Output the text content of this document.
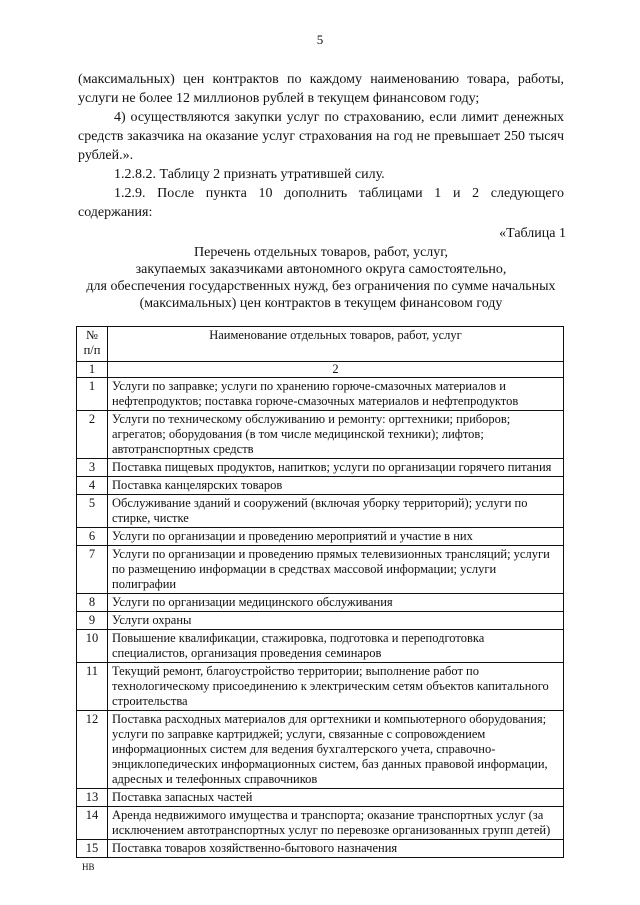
5

(максимальных) цен контрактов по каждому наименованию товара, работы, услуги не более 12 миллионов рублей в текущем финансовом году;

4) осуществляются закупки услуг по страхованию, если лимит денежных средств заказчика на оказание услуг страхования на год не превышает 250 тысяч рублей.».

1.2.8.2. Таблицу 2 признать утратившей силу.

1.2.9. После пункта 10 дополнить таблицами 1 и 2 следующего содержания:

«Таблица 1
Перечень отдельных товаров, работ, услуг,
закупаемых заказчиками автономного округа самостоятельно,
для обеспечения государственных нужд, без ограничения по сумме начальных
(максимальных) цен контрактов в текущем финансовом году
№ п/п	Наименование отдельных товаров, работ, услуг
1	2
1	Услуги по заправке; услуги по хранению горюче-смазочных материалов и нефтепродуктов; поставка горюче-смазочных материалов и нефтепродуктов
2	Услуги по техническому обслуживанию и ремонту: оргтехники; приборов; агрегатов; оборудования (в том числе медицинской техники); лифтов; автотранспортных средств
3	Поставка пищевых продуктов, напитков; услуги по организации горячего питания
4	Поставка канцелярских товаров
5	Обслуживание зданий и сооружений (включая уборку территорий); услуги по стирке, чистке
6	Услуги по организации и проведению мероприятий и участие в них
7	Услуги по организации и проведению прямых телевизионных трансляций; услуги по размещению информации в средствах массовой информации; услуги полиграфии
8	Услуги по организации медицинского обслуживания
9	Услуги охраны
10	Повышение квалификации, стажировка, подготовка и переподготовка специалистов, организация проведения семинаров
11	Текущий ремонт, благоустройство территории; выполнение работ по технологическому присоединению к электрическим сетям объектов капитального строительства
12	Поставка расходных материалов для оргтехники и компьютерного оборудования; услуги по заправке картриджей; услуги, связанные с сопровождением информационных систем для ведения бухгалтерского учета, справочно-энциклопедических информационных систем, баз данных правовой информации, адресных и телефонных справочников
13	Поставка запасных частей
14	Аренда недвижимого имущества и транспорта; оказание транспортных услуг (за исключением автотранспортных услуг по перевозке организованных групп детей)
15	Поставка товаров хозяйственно-бытового назначения
HB
